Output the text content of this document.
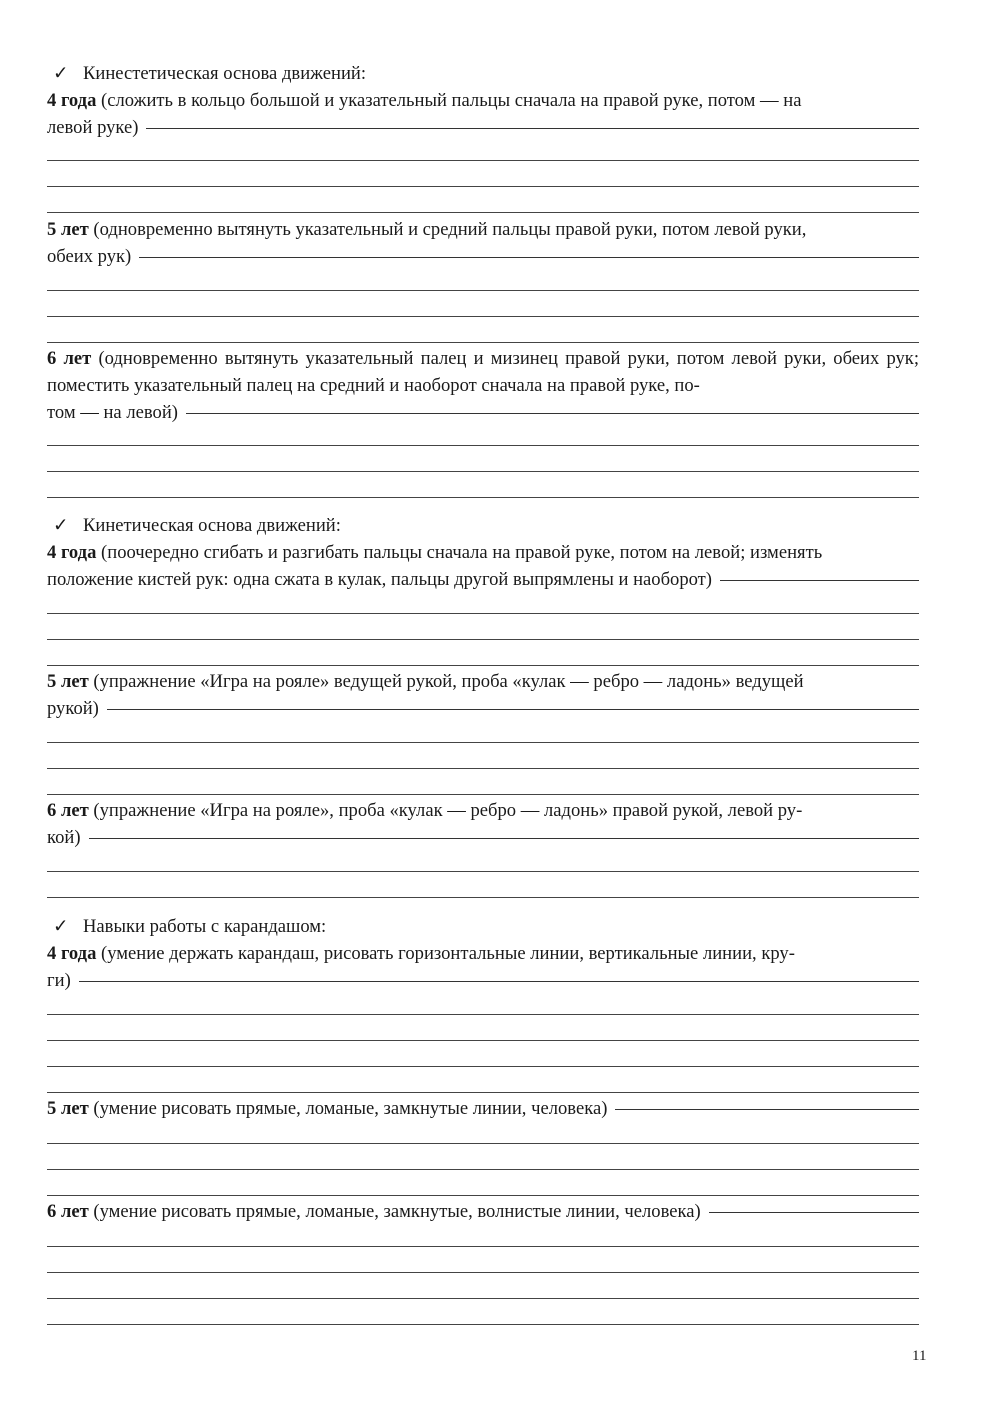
✓ Кинестетическая основа движений:

4 года (сложить в кольцо большой и указательный пальцы сначала на правой руке, потом — на

левой руке)

5 лет (одновременно вытянуть указательный и средний пальцы правой руки, потом левой руки,

обеих рук)

6 лет (одновременно вытянуть указательный палец и мизинец правой руки, потом левой руки, обеих рук; поместить указательный палец на средний и наоборот сначала на правой руке, по-

том — на левой)

✓ Кинетическая основа движений:

4 года (поочередно сгибать и разгибать пальцы сначала на правой руке, потом на левой; изменять

положение кистей рук: одна сжата в кулак, пальцы другой выпрямлены и наоборот)

5 лет (упражнение «Игра на рояле» ведущей рукой, проба «кулак — ребро — ладонь» ведущей

рукой)

6 лет (упражнение «Игра на рояле», проба «кулак — ребро — ладонь» правой рукой, левой ру-

кой)

✓ Навыки работы с карандашом:

4 года (умение держать карандаш, рисовать горизонтальные линии, вертикальные линии, кру-

ги)
5 лет
(умение рисовать прямые, ломаные, замкнутые линии, человека)
6 лет
(умение рисовать прямые, ломаные, замкнутые, волнистые линии, человека)
11
